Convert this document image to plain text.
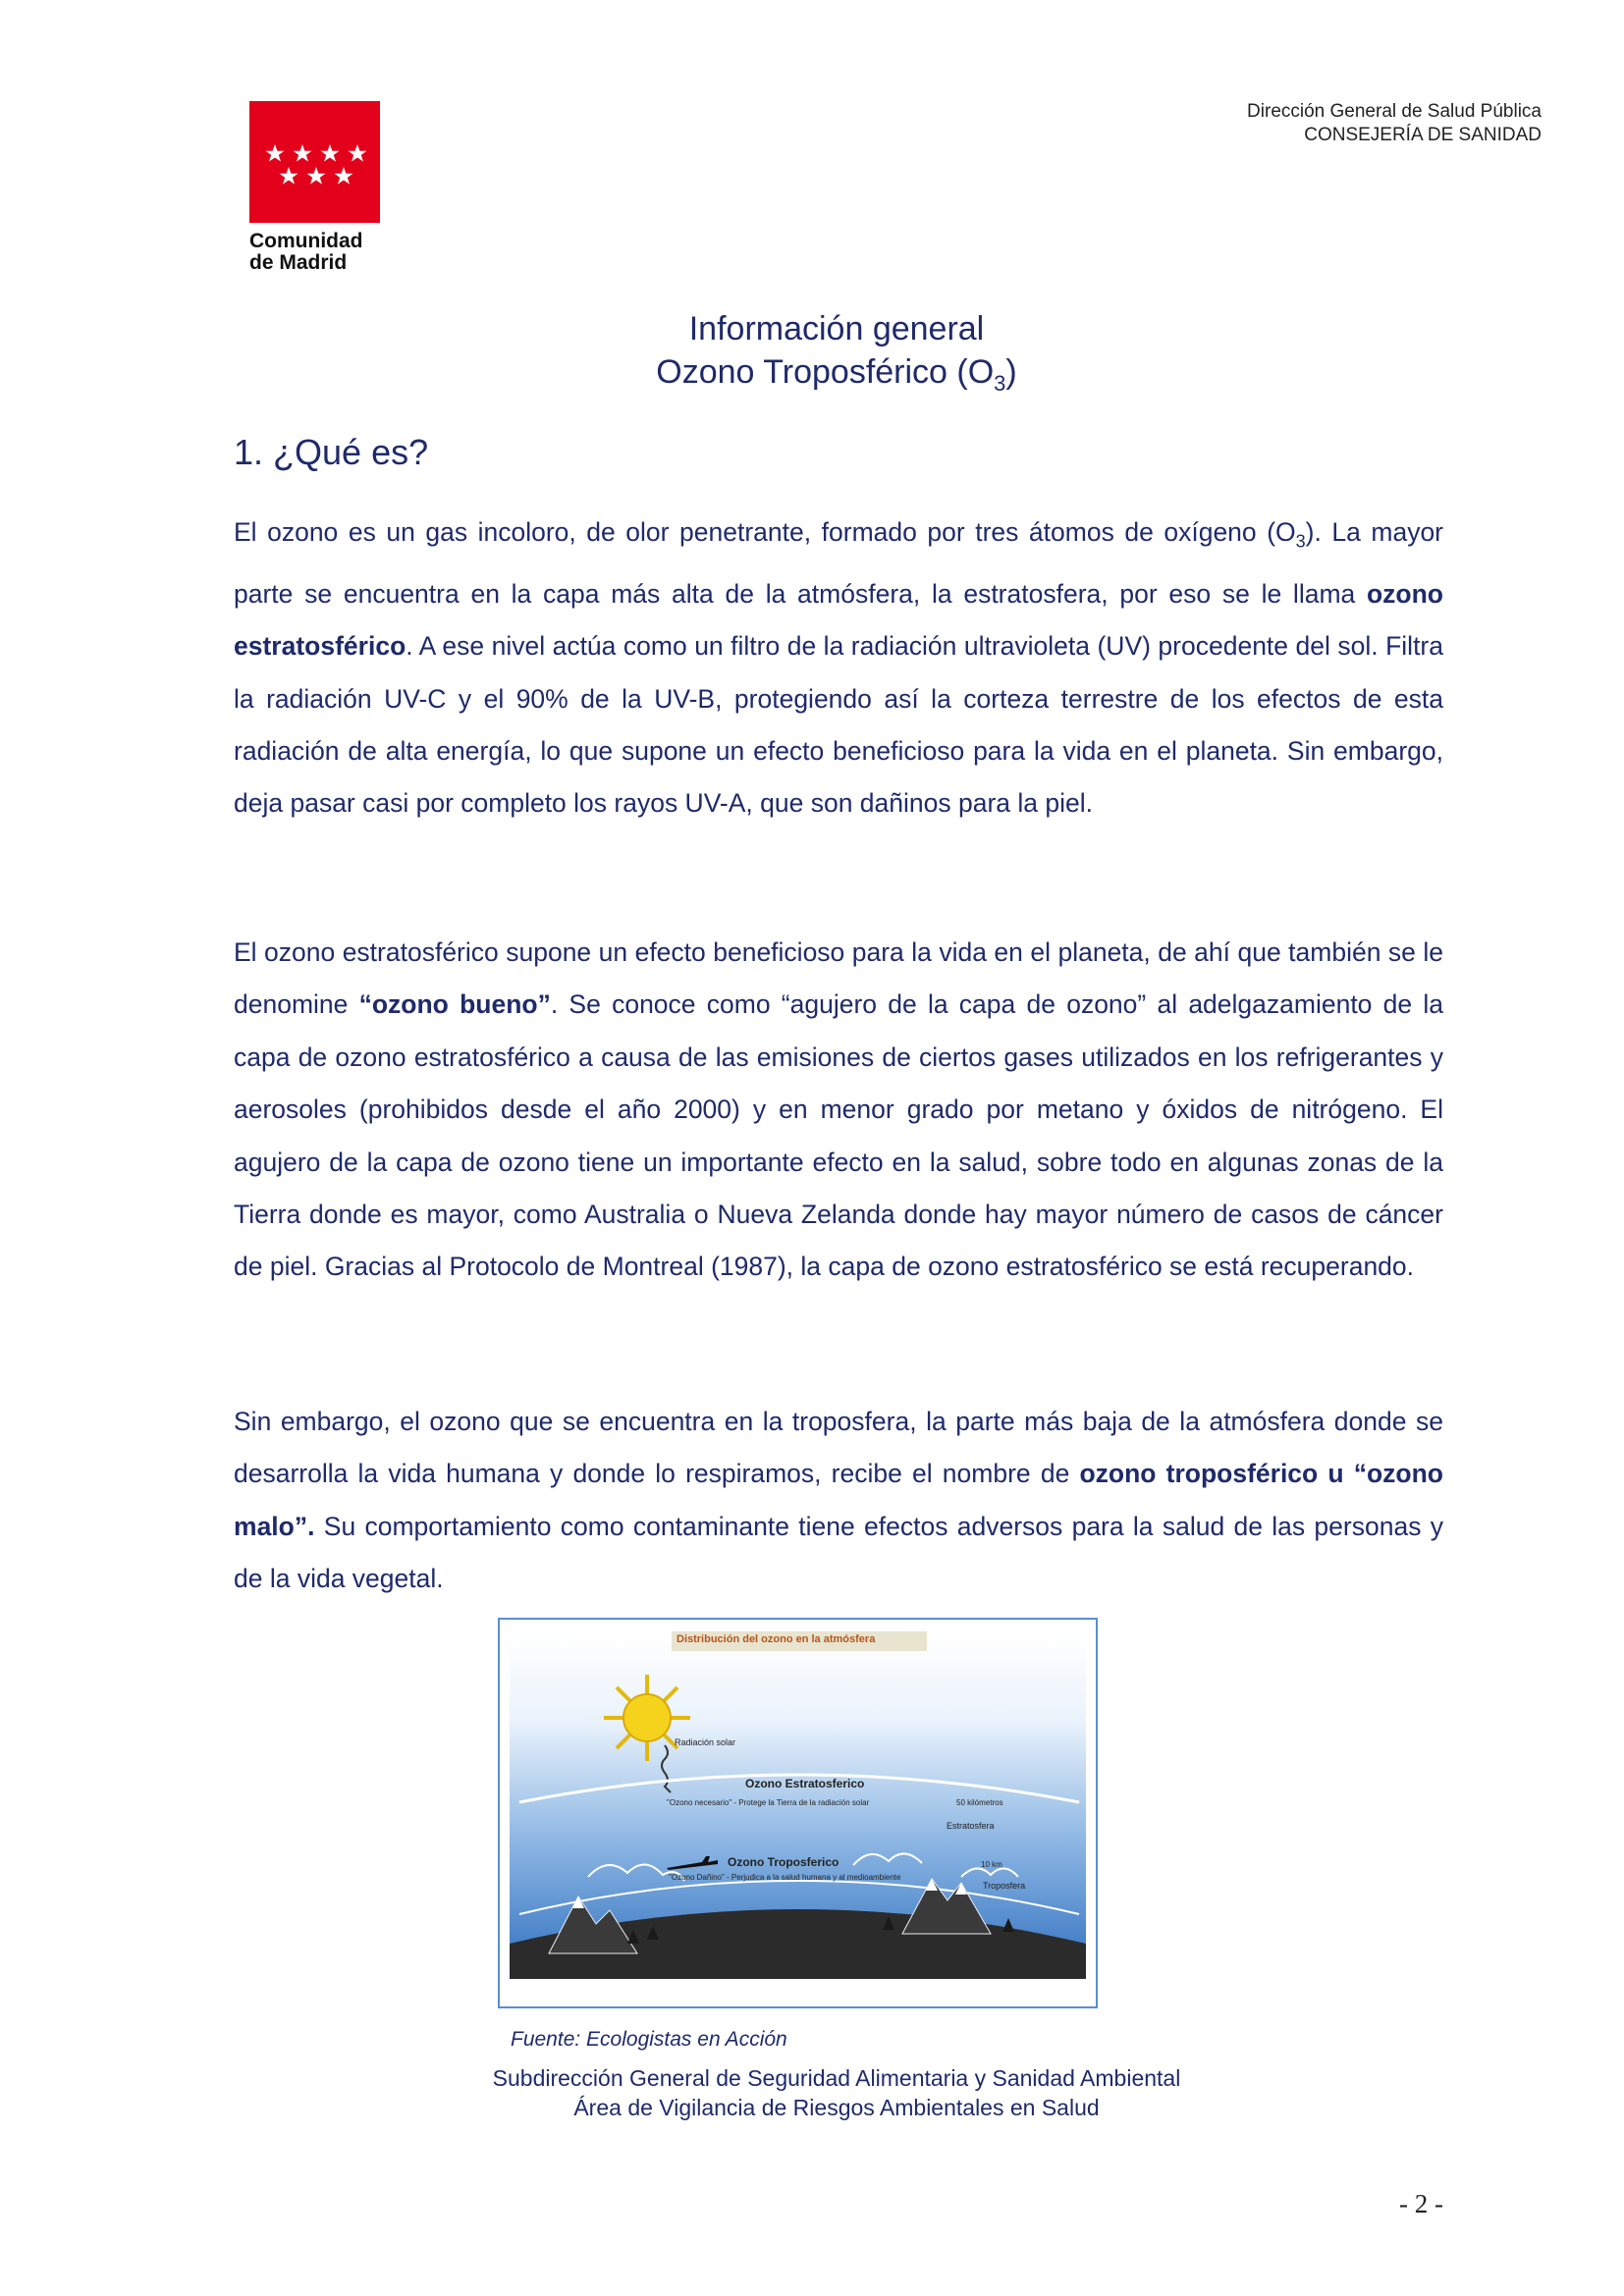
Comunidad
de Madrid
Dirección General de Salud Pública
CONSEJERÍA DE SANIDAD
Información general
Ozono Troposférico $(O_3)$
1. ¿Qué es?

El ozono es un gas incoloro, de olor penetrante, formado por tres átomos de oxígeno $(O_3)$. La mayor parte se encuentra en la capa más alta de la atmósfera, la estratosfera, por eso se le llama ozono estratosférico. A ese nivel actúa como un filtro de la radiación ultravioleta (UV) procedente del sol. Filtra la radiación UV-C y el 90% de la UV-B, protegiendo así la corteza terrestre de los efectos de esta radiación de alta energía, lo que supone un efecto beneficioso para la vida en el planeta. Sin embargo, deja pasar casi por completo los rayos UV-A, que son dañinos para la piel.

El ozono estratosférico supone un efecto beneficioso para la vida en el planeta, de ahí que también se le denomine “ozono bueno”. Se conoce como “agujero de la capa de ozono” al adelgazamiento de la capa de ozono estratosférico a causa de las emisiones de ciertos gases utilizados en los refrigerantes y aerosoles (prohibidos desde el año 2000) y en menor grado por metano y óxidos de nitrógeno. El agujero de la capa de ozono tiene un importante efecto en la salud, sobre todo en algunas zonas de la Tierra donde es mayor, como Australia o Nueva Zelanda donde hay mayor número de casos de cáncer de piel. Gracias al Protocolo de Montreal (1987), la capa de ozono estratosférico se está recuperando.

Sin embargo, el ozono que se encuentra en la troposfera, la parte más baja de la atmósfera donde se desarrolla la vida humana y donde lo respiramos, recibe el nombre de ozono troposférico u “ozono malo”. Su comportamiento como contaminante tiene efectos adversos para la salud de las personas y de la vida vegetal.

Distribución del ozono en la atmósfera
Radiación solar
Ozono Estratosferico
"Ozono necesario" - Protege la Tierra de la radiación solar	50 kilómetros
Estratosfera
Ozono Troposferico
"Ozono Dañino" - Perjudica a la salud humana y al medioambiente
10 km
Troposfera
Fuente: Ecologistas en Acción
Subdirección General de Seguridad Alimentaria y Sanidad Ambiental
Área de Vigilancia de Riesgos Ambientales en Salud
- 2 -
